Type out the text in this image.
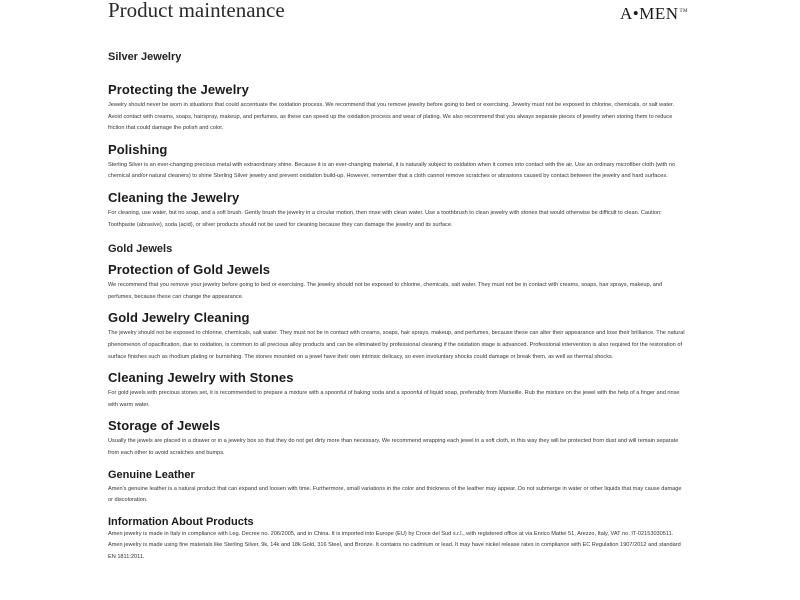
Product maintenance	A•MEN™
Silver Jewelry
Protecting the Jewelry
Jewelry should never be worn in situations that could accentuate the oxidation process. We recommend that you remove jewelry before going to bed or exercising. Jewelry must not be exposed to chlorine, chemicals, or salt water. Avoid contact with creams, soaps, hairspray, makeup, and perfumes, as these can speed up the oxidation process and wear of plating. We also recommend that you always separate pieces of jewelry when storing them to reduce friction that could damage the polish and color.
Polishing
Sterling Silver is an ever-changing precious metal with extraordinary shine. Because it is an ever-changing material, it is naturally subject to oxidation when it comes into contact with the air. Use an ordinary microfiber cloth (with no chemical and/or natural cleaners) to shine Sterling Silver jewelry and prevent oxidation build-up. However, remember that a cloth cannot remove scratches or abrasions caused by contact between the jewelry and hard surfaces.
Cleaning the Jewelry
For cleaning, use water, but no soap, and a soft brush. Gently brush the jewelry in a circular motion, then rinse with clean water. Use a toothbrush to clean jewelry with stones that would otherwise be difficult to clean. Caution: Toothpaste (abrasive), soda (acid), or silver products should not be used for cleaning because they can damage the jewelry and its surface.
Gold Jewels
Protection of Gold Jewels
We recommend that you remove your jewelry before going to bed or exercising. The jewelry should not be exposed to chlorine, chemicals, salt water. They must not be in contact with creams, soaps, hair sprays, makeup, and perfumes, because these can change the appearance.
Gold Jewelry Cleaning
The jewelry should not be exposed to chlorine, chemicals, salt water. They must not be in contact with creams, soaps, hair sprays, makeup, and perfumes, because these can alter their appearance and lose their brilliance. The natural phenomenon of opacification, due to oxidation, is common to all precious alloy products and can be eliminated by professional cleaning if the oxidation stage is advanced. Professional intervention is also required for the restoration of surface finishes such as rhodium plating or burnishing. The stones mounted on a jewel have their own intrinsic delicacy, so even involuntary shocks could damage or break them, as well as thermal shocks.
Cleaning Jewelry with Stones
For gold jewels with precious stones set, it is recommended to prepare a mixture with a spoonful of baking soda and a spoonful of liquid soap, preferably from Marseille. Rub the mixture on the jewel with the help of a finger and rinse with warm water.
Storage of Jewels
Usually the jewels are placed in a drawer or in a jewelry box so that they do not get dirty more than necessary. We recommend wrapping each jewel in a soft cloth, in this way they will be protected from dust and will remain separate from each other to avoid scratches and bumps.
Genuine Leather
Amen's genuine leather is a natural product that can expand and loosen with time. Furthermore, small variations in the color and thickness of the leather may appear. Do not submerge in water or other liquids that may cause damage or discoloration.
Information About Products
Amen jewelry is made in Italy in compliance with Leg. Decree no. 206/2005, and in China. It is imported into Europe (EU) by Croce del Sud s.r.l., with registered office at via Enrico Mattei 51, Arezzo, Italy, VAT no. IT-02153030511. Amen jewelry is made using fine materials like Sterling Silver, 9k, 14k and 18k Gold, 316 Steel, and Bronze. It contains no cadmium or lead. It may have nickel release rates in compliance with EC Regulation 1907/2012 and standard EN 1811:2011.
